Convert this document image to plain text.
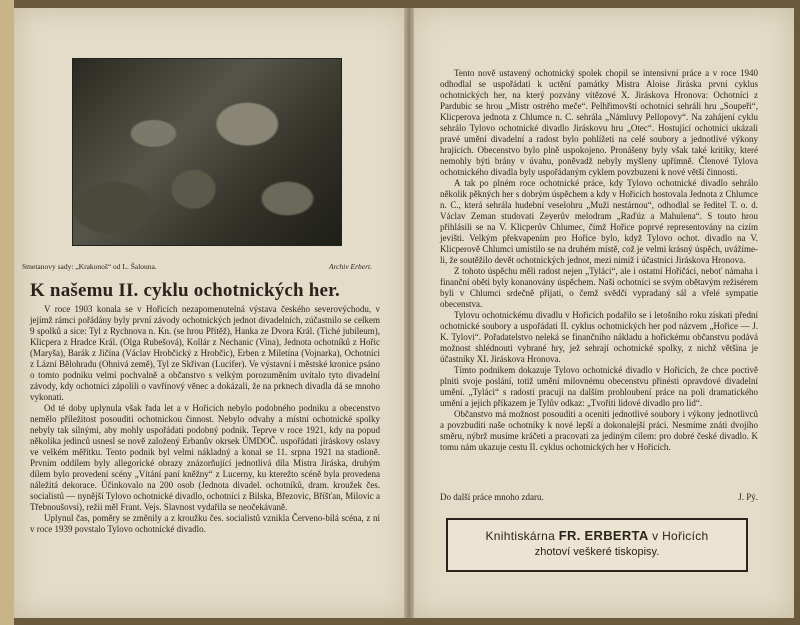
Smetanovy sady: „Krakonoš“ od L. Šalouna.	Archiv Erbert.
K našemu II. cyklu ochotnických her.

V roce 1903 konala se v Hořicích nezapomenutelná výstava českého severovýchodu, v jejímž rámci pořádány byly první závody ochotnických jednot divadelních, zúčastnilo se celkem 9 spolků a sice: Tyl z Rychnova n. Kn. (se hrou Přítěž), Hanka ze Dvora Král. (Tiché jubileum), Klicpera z Hradce Král. (Olga Rubešová), Kollár z Nechanic (Vina), Jednota ochotníků z Hořic (Maryša), Barák z Jičína (Václav Hrobčický z Hrobčic), Erben z Miletína (Vojnarka), Ochotníci z Lázní Bělohradu (Ohnivá země), Tyl ze Skřivan (Lucifer). Ve výstavní i městské kronice psáno o tomto podniku velmi pochvalně a občanstvo s velkým porozuměním uvítalo tyto divadelní závody, kdy ochotníci zápolili o vavřínový věnec a dokázali, že na prknech divadla dá se mnoho vykonati.

Od té doby uplynula však řada let a v Hořicích nebylo podobného podniku a obecenstvo nemělo příležitost posouditi ochotnickou činnost. Nebylo odvahy a místní ochotnické spolky nebyly tak silnými, aby mohly uspořádati podobný podnik. Teprve v roce 1921, kdy na popud několika jedinců usnesl se nově založený Erbanův okrsek ÚMDOČ. uspořádati jiráskovy oslavy ve velkém měřítku. Tento podnik byl velmi nákladný a konal se 11. srpna 1921 na stadioně. Prvním oddílem byly allegorické obrazy znázorňující jednotlivá díla Mistra Jiráska, druhým dílem bylo provedení scény „Vítání paní kněžny“ z Lucerny, ku kterežto scéně byla provedena náležitá dekorace. Účinkovalo na 200 osob (Jednota divadel. ochotníků, dram. kroužek čes. socialistů — nynější Tylovo ochotnické divadlo, ochotníci z Bilska, Březovic, Bříšťan, Milovic a Třebnoušovsi), režii měl Frant. Vejs. Slavnost vydařila se neočekávaně.

Uplynul čas, poměry se změnily a z kroužku čes. socialistů vznikla Červeno-bílá scéna, z ní v roce 1939 povstalo Tylovo ochotnické divadlo.

Tento nově ustavený ochotnický spolek chopil se intensivní práce a v roce 1940 odhodlal se uspořádati k uctění památky Mistra Aloise Jiráska první cyklus ochotnických her, na který pozvány vítězové X. Jiráskova Hronova: Ochotníci z Pardubic se hrou „Mistr ostrého meče“. Pelhřimovští ochotníci sehráli hru „Soupeři“, Klicperova jednota z Chlumce n. C. sehrála „Námluvy Pellopovy“. Na zahájení cyklu sehrálo Tylovo ochotnické divadlo Jiráskovu hru „Otec“. Hostující ochotníci ukázali pravé umění divadelní a radost bylo pohlížeti na celé soubory a jednotlivé výkony hrajících. Obecenstvo bylo plně uspokojeno. Pronášeny byly však také kritiky, které nemohly býti brány v úvahu, poněvadž nebyly myšleny upřímně. Členové Tylova ochotnického divadla byly uspořádaným cyklem povzbuzeni k nové větší činnosti.

A tak po plném roce ochotnické práce, kdy Tylovo ochotnické divadlo sehrálo několik pěkných her s dobrým úspěchem a kdy v Hořicích hostovala Jednota z Chlumce n. C., která sehrála hudební veselohru „Muži nestárnou“, odhodlal se ředitel T. o. d. Václav Zeman studovati Zeyerův melodram „Raďúz a Mahulena“. S touto hrou přihlásili se na V. Klicperův Chlumec, čímž Hořice poprvé representovány na cizím jevišti. Velkým překvapením pro Hořice bylo, když Tylovo ochot. divadlo na V. Klicperově Chlumci umístilo se na druhém místě, což je velmi krásný úspěch, uvážíme-li, že soutěžilo devět ochotnických jednot, mezi nimiž i účastníci Jiráskova Hronova.

Z tohoto úspěchu měli radost nejen „Tyláci“, ale i ostatní Hořičáci, neboť námaha i finanční oběti byly konanovány úspěchem. Naši ochotníci se svým obětavým režisérem byli v Chlumci srdečně přijati, o čemž svědčí vypradaný sál a vřelé sympatie obecenstva.

Tylovu ochotnickému divadlu v Hořicích podařilo se i letošního roku získati přední ochotnické soubory a uspořádati II. cyklus ochotnických her pod názvem „Hořice — J. K. Tylovi“. Pořadatelstvo neleká se finančního nákladu a hořickému občanstvu podává možnost shlédnouti vybrané hry, jež sehrají ochotnické spolky, z nichž většina je účastníky XI. Jiráskova Hronova.

Tímto podnikem dokazuje Tylovo ochotnické divadlo v Hořicích, že chce poctivě plniti svoje poslání, totiž umění milovnému obecenstvu přinésti opravdové divadelní umění. „Tyláci“ s radostí pracují na dalším prohloubení práce na poli dramatického umění a jejich příkazem je Tylův odkaz: „Tvořiti lidové divadlo pro lid“.

Občanstvo má možnost posouditi a oceniti jednotlivé soubory i výkony jednotlivců a povzbuditi naše ochotníky k nové lepší a dokonalejší práci. Nesmíme znáti dvojího směru, nýbrž musíme kráčeti a pracovati za jediným cílem: pro dobré české divadlo. K tomu nám ukazuje cestu II. cyklus ochotnických her v Hořicích.

Do další práce mnoho zdaru.	J. Pý.
Knihtiskárna FR. ERBERTA v Hořicích
zhotoví veškeré tiskopisy.
